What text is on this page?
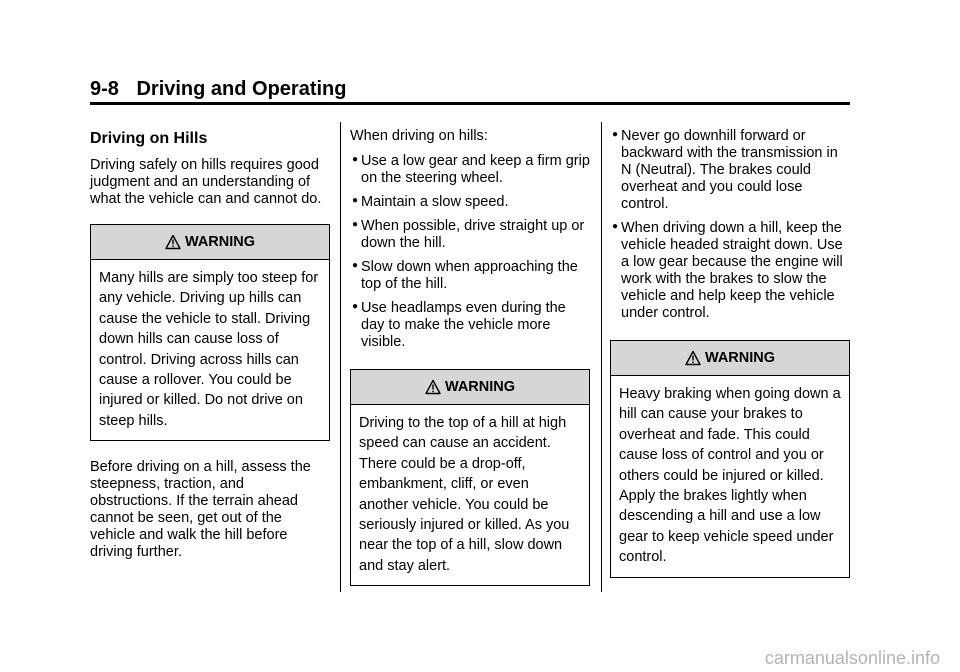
9-8 Driving and Operating
Driving on Hills

Driving safely on hills requires good judgment and an understanding of what the vehicle can and cannot do.

WARNING
Many hills are simply too steep for any vehicle. Driving up hills can cause the vehicle to stall. Driving down hills can cause loss of control. Driving across hills can cause a rollover. You could be injured or killed. Do not drive on steep hills.

Before driving on a hill, assess the steepness, traction, and obstructions. If the terrain ahead cannot be seen, get out of the vehicle and walk the hill before driving further.

When driving on hills:

● Use a low gear and keep a firm grip on the steering wheel.
● Maintain a slow speed.
● When possible, drive straight up or down the hill.
● Slow down when approaching the top of the hill.
● Use headlamps even during the day to make the vehicle more visible.
WARNING
Driving to the top of a hill at high speed can cause an accident. There could be a drop-off, embankment, cliff, or even another vehicle. You could be seriously injured or killed. As you near the top of a hill, slow down and stay alert.
● Never go downhill forward or backward with the transmission in N (Neutral). The brakes could overheat and you could lose control.
● When driving down a hill, keep the vehicle headed straight down. Use a low gear because the engine will work with the brakes to slow the vehicle and help keep the vehicle under control.
WARNING
Heavy braking when going down a hill can cause your brakes to overheat and fade. This could cause loss of control and you or others could be injured or killed. Apply the brakes lightly when descending a hill and use a low gear to keep vehicle speed under control.
carmanualsonline.info
